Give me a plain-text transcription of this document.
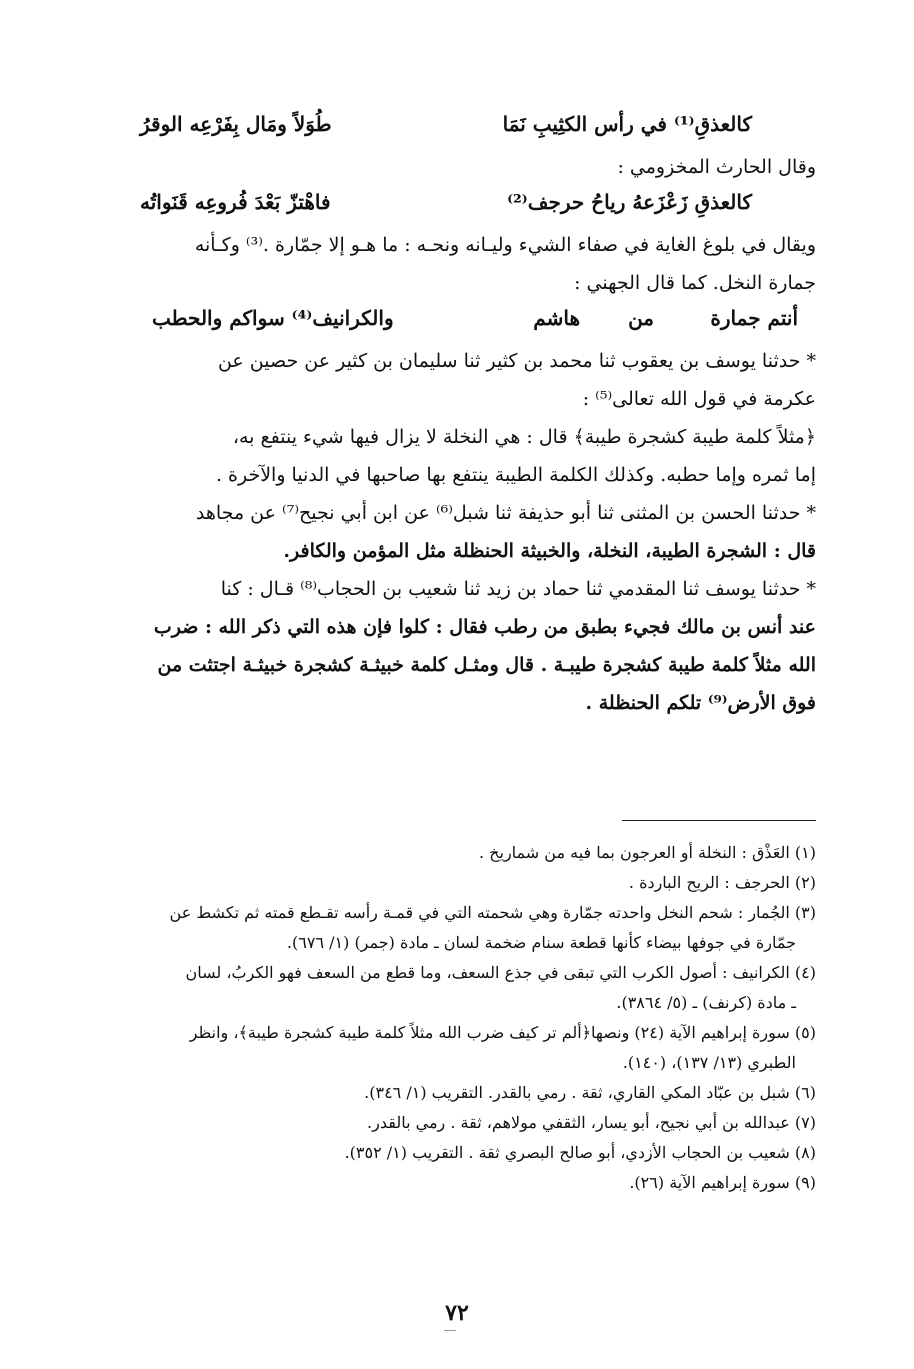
كالعذقِ⁽¹⁾ في رأس الكثِيبِ نَمَا
طُوَلاً ومَال بِفَرْعِه الوقرُ
وقال الحارث المخزومي :
كالعذقِ زَعْزَعهُ رياحُ حرجف⁽²⁾
فاهْتزّ بَعْدَ فُروعِه قَنَواتُه
ويقال في بلوغ الغاية في صفاء الشيء وليـانه ونحـه : ما هـو إلا جمّارة .⁽³⁾ وكـأنه
جمارة النخل. كما قال الجهني :
أنتم جمارة
من
هاشم
والكرانيف⁽⁴⁾ سواكم والحطب
* حدثنا يوسف بن يعقوب ثنا محمد بن كثير ثنا سليمان بن كثير عن حصين عن
عكرمة في قول الله تعالى⁽⁵⁾ :
﴿مثلاً كلمة طيبة كشجرة طيبة﴾ قال : هي النخلة لا يزال فيها شيء ينتفع به،
إما ثمره وإما حطبه. وكذلك الكلمة الطيبة ينتفع بها صاحبها في الدنيا والآخرة .
* حدثنا الحسن بن المثنى ثنا أبو حذيفة ثنا شبل⁽⁶⁾ عن ابن أبي نجيح⁽⁷⁾ عن مجاهد
قال : الشجرة الطيبة، النخلة، والخبيثة الحنظلة مثل المؤمن والكافر.
* حدثنا يوسف ثنا المقدمي ثنا حماد بن زيد ثنا شعيب بن الحجاب⁽⁸⁾ قـال : كنا
عند أنس بن مالك فجيء بطبق من رطب فقال : كلوا فإن هذه التي ذكر الله : ضرب
الله مثلاً كلمة طيبة كشجرة طيبـة . قال ومثـل كلمة خبيثـة كشجرة خبيثـة اجتثت من
فوق الأرض⁽⁹⁾ تلكم الحنظلة .
(١) العَذْق : النخلة أو العرجون بما فيه من شماريخ .
(٢) الحرجف : الريح الباردة .
(٣) الجُمار : شحم النخل واحدته جمّارة وهي شحمته التي في قمـة رأسه تقـطع قمته ثم تكشط عن
جمّارة في جوفها بيضاء كأنها قطعة سنام ضخمة لسان ـ مادة (جمر) (١/ ٦٧٦).
(٤) الكرانيف : أصول الكرب التي تبقى في جذع السعف، وما قطع من السعف فهو الكربُ، لسان
ـ مادة (كرنف) ـ (٥/ ٣٨٦٤).
(٥) سورة إبراهيم الآية (٢٤) ونصها﴿ألم تر كيف ضرب الله مثلاً كلمة طيبة كشجرة طيبة﴾، وانظر
الطبري (١٣/ ١٣٧)، (١٤٠).
(٦) شبل بن عبّاد المكي القاري، ثقة . رمي بالقدر. التقريب (١/ ٣٤٦).
(٧) عبدالله بن أبي نجيح، أبو يسار، الثقفي مولاهم، ثقة . رمي بالقدر.
(٨) شعيب بن الحجاب الأزدي، أبو صالح البصري ثقة . التقريب (١/ ٣٥٢).
(٩) سورة إبراهيم الآية (٢٦).
٧٢
